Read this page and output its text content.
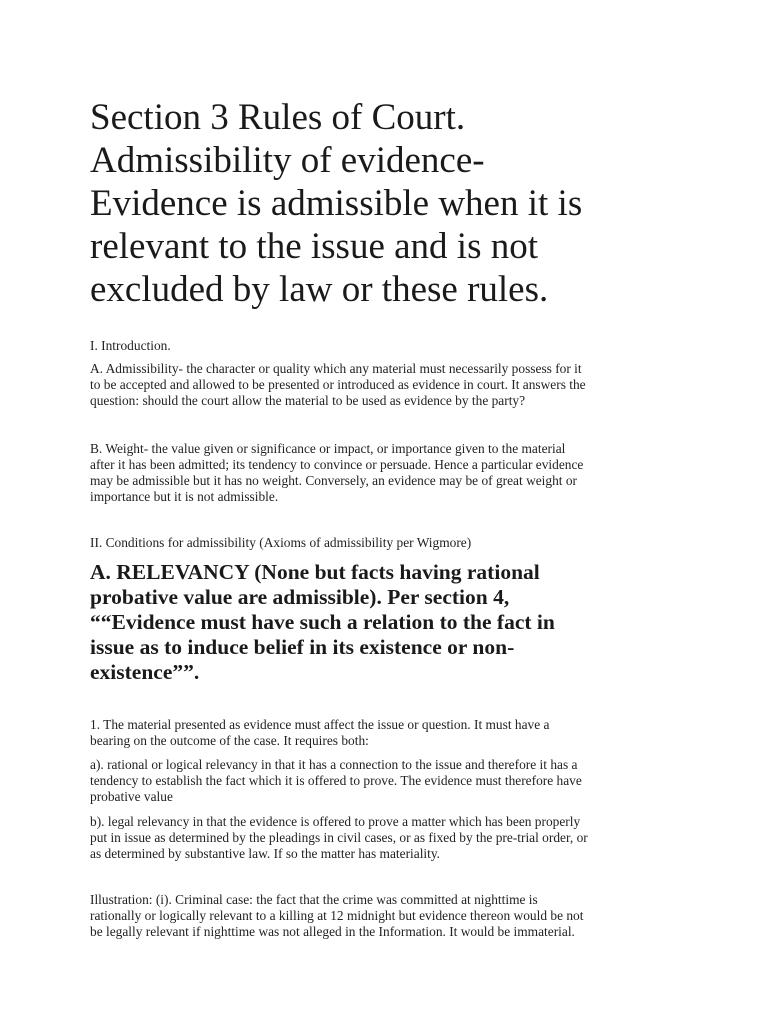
Section 3 Rules of Court.
Admissibility of evidence-
Evidence is admissible when it is
relevant to the issue and is not
excluded by law or these rules.

I. Introduction.

A. Admissibility- the character or quality which any material must necessarily possess for it
to be accepted and allowed to be presented or introduced as evidence in court. It answers the
question: should the court allow the material to be used as evidence by the party?

B. Weight- the value given or significance or impact, or importance given to the material
after it has been admitted; its tendency to convince or persuade. Hence a particular evidence
may be admissible but it has no weight. Conversely, an evidence may be of great weight or
importance but it is not admissible.

II. Conditions for admissibility (Axioms of admissibility per Wigmore)

A. RELEVANCY (None but facts having rational
probative value are admissible). Per section 4,
““Evidence must have such a relation to the fact in
issue as to induce belief in its existence or non-
existence””.

1. The material presented as evidence must affect the issue or question. It must have a
bearing on the outcome of the case. It requires both:

a). rational or logical relevancy in that it has a connection to the issue and therefore it has a
tendency to establish the fact which it is offered to prove. The evidence must therefore have
probative value

b). legal relevancy in that the evidence is offered to prove a matter which has been properly
put in issue as determined by the pleadings in civil cases, or as fixed by the pre-trial order, or
as determined by substantive law. If so the matter has materiality.

Illustration: (i). Criminal case: the fact that the crime was committed at nighttime is
rationally or logically relevant to a killing at 12 midnight but evidence thereon would be not
be legally relevant if nighttime was not alleged in the Information. It would be immaterial.
